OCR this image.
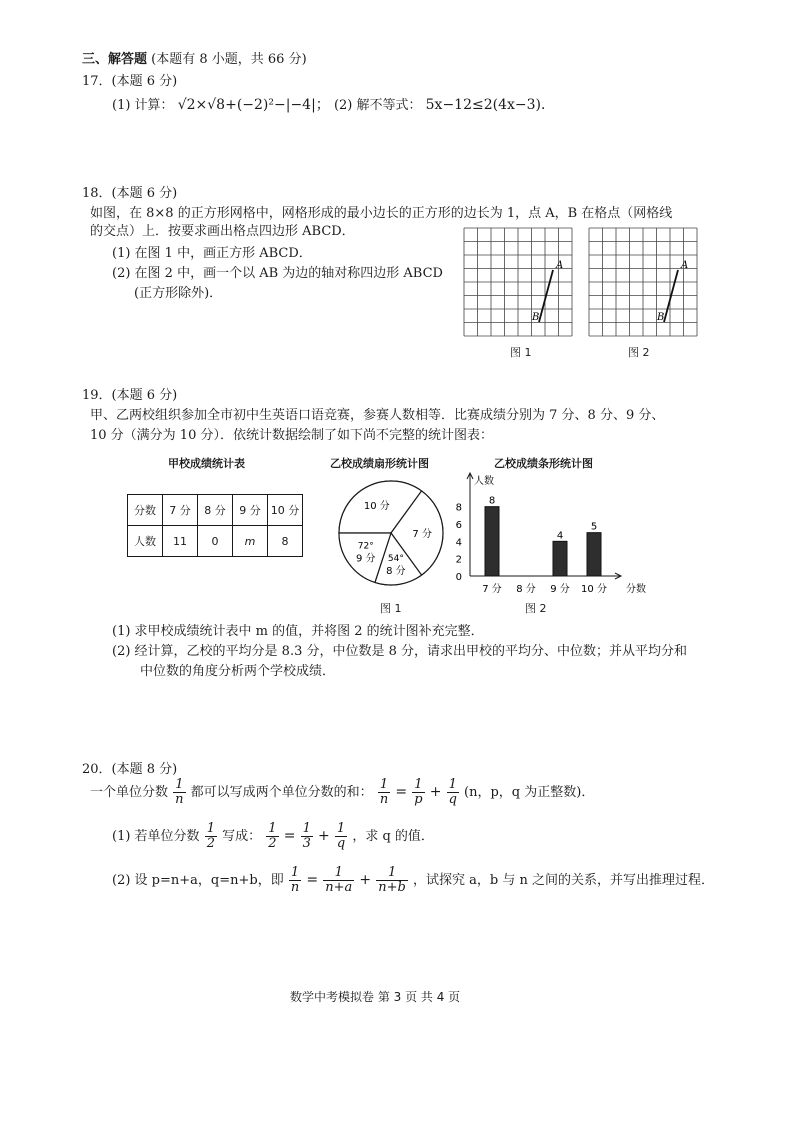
三、解答题 (本题有 8 小题，共 66 分)
17．(本题 6 分)
(1) 计算： √2×√8+(−2)²−|−4|； (2) 解不等式： 5x−12≤2(4x−3)．
18．(本题 6 分)
如图，在 8×8 的正方形网格中，网格形成的最小边长的正方形的边长为 1，点 A，B 在格点（网格线
的交点）上．按要求画出格点四边形 ABCD．
(1) 在图 1 中，画正方形 ABCD．
(2) 在图 2 中，画一个以 AB 为边的轴对称四边形 ABCD
(正方形除外)．
A
B
图 1
A
B
图 2
19．(本题 6 分)
甲、乙两校组织参加全市初中生英语口语竞赛，参赛人数相等．比赛成绩分别为 7 分、8 分、9 分、
10 分（满分为 10 分）．依统计数据绘制了如下尚不完整的统计图表：
甲校成绩统计表
分数	7 分	8 分	9 分	10 分
人数	11	0	m	8
乙校成绩扇形统计图
10 分
7 分
54°
8 分
72°
9 分
图 1
乙校成绩条形统计图
人数
分数
0
2
4
6
8
7 分
8
8 分 9 分
4
10 分
5
图 2
(1) 求甲校成绩统计表中 m 的值，并将图 2 的统计图补充完整．
(2) 经计算，乙校的平均分是 8.3 分，中位数是 8 分，请求出甲校的平均分、中位数；并从平均分和
中位数的角度分析两个学校成绩．
20．(本题 8 分)
一个单位分数 $\frac{1}{n}$ 都可以写成两个单位分数的和： $\frac{1}{n} = \frac{1}{p} + \frac{1}{q} (n$，p，q 为正整数)．
(1) 若单位分数 $\frac{1}{2}$ 写成： $\frac{1}{2} = \frac{1}{3} + \frac{1}{q}$ ，求 q 的值．
(2) 设 p=n+a，q=n+b，即 $\frac{1}{n} = \frac{1}{n+a} + \frac{1}{n+b}$ ，试探究 a，b 与 n 之间的关系，并写出推理过程．
数学中考模拟卷 第 3 页 共 4 页
